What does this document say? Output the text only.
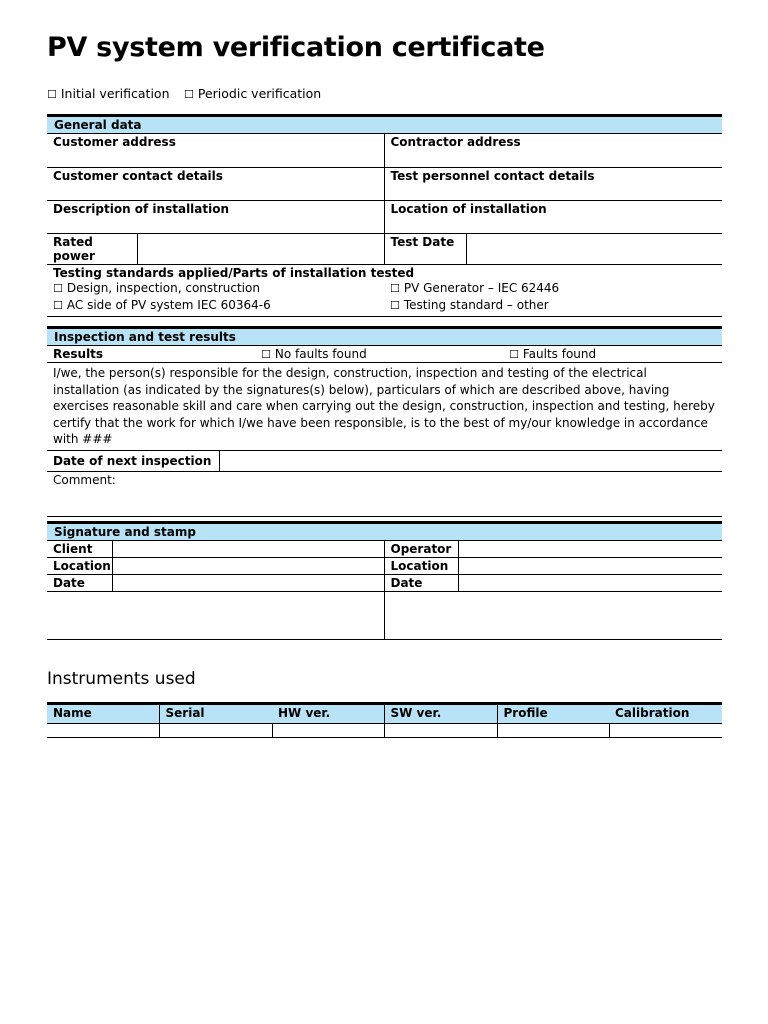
PV system verification certificate
☐ Initial verification ☐ Periodic verification
General data
Customer address		Contractor address	
Customer contact details		Test personnel contact details	
Description of installation		Location of installation	
Rated power		Test Date	

Testing standards applied/Parts of installation tested
☐ Design, inspection, construction
☐ AC side of PV system IEC 60364-6
☐ PV Generator – IEC 62446
☐ Testing standard – other			
Inspection and test results
Results	☐ No faults found	☐ Faults found
I/we, the person(s) responsible for the design, construction, inspection and testing of the electrical installation (as indicated by the signatures(s) below), particulars of which are described above, having exercises reasonable skill and care when carrying out the design, construction, inspection and testing, hereby certify that the work for which I/we have been responsible, is to the best of my/our knowledge in accordance with ###
Date of next inspection	
Comment:
Signature and stamp
Client		Operator	
Location		Location	
Date		Date	

Instruments used
Name	Serial	HW ver.	SW ver.	Profile	Calibration
